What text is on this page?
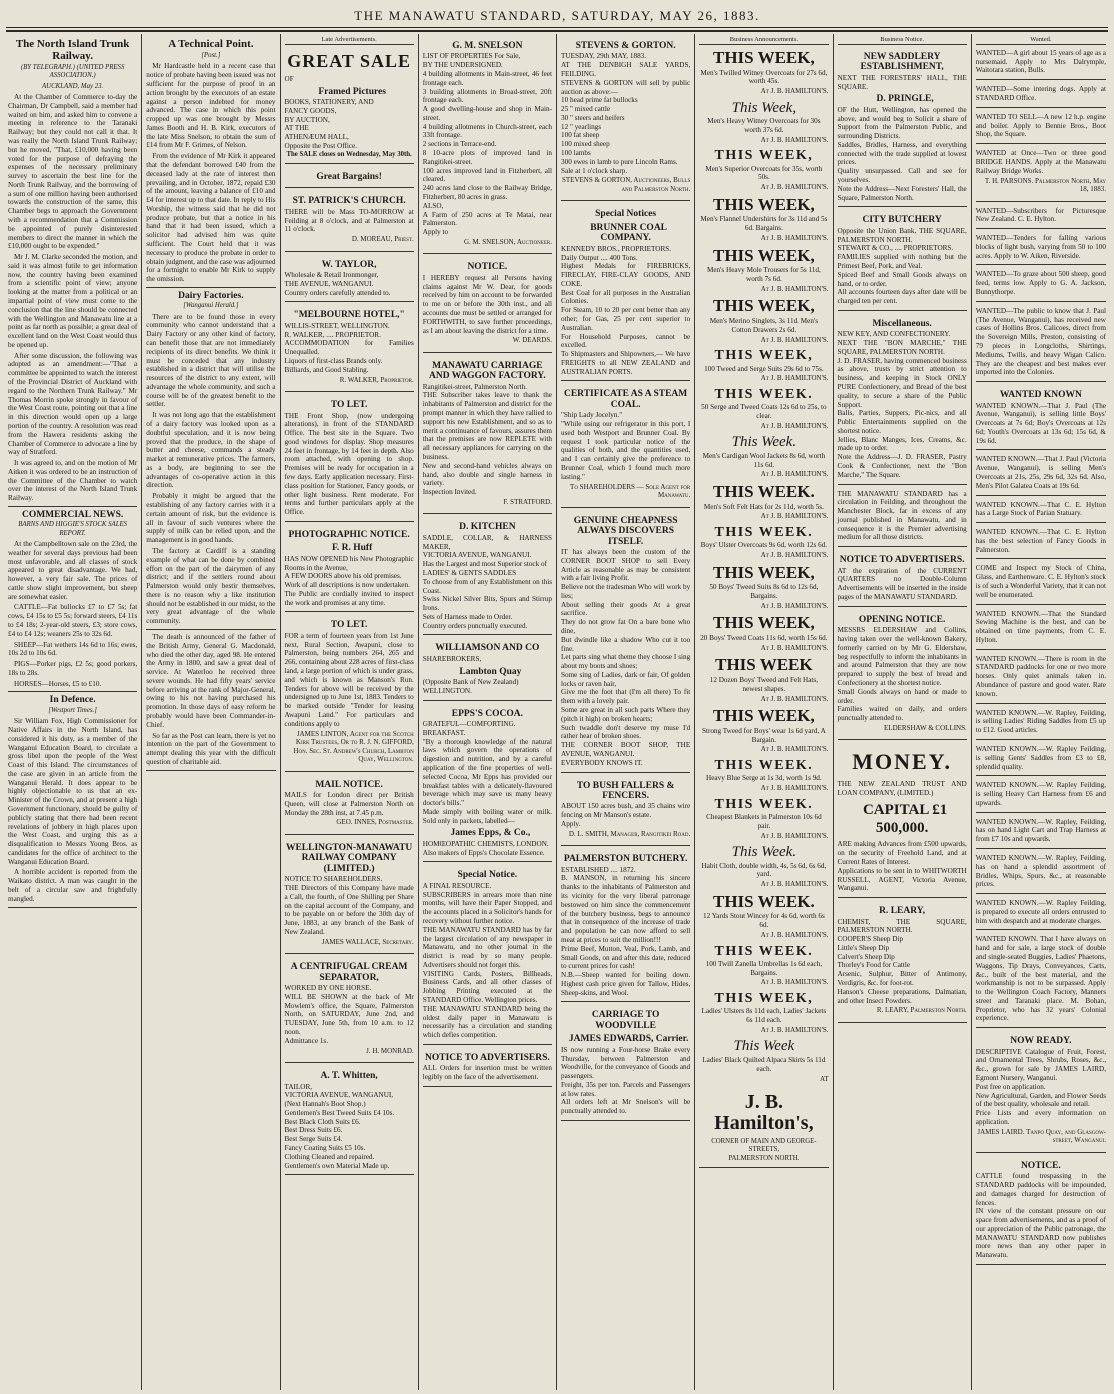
THE MANAWATU STANDARD, SATURDAY, MAY 26, 1883.
The North Island Trunk Railway.
(BY TELEGRAPH.) (UNITED PRESS ASSOCIATION.)
AUCKLAND, May 23.

At the Chamber of Commerce to-day the Chairman, Dr Campbell, said a member had waited on him, and asked him to convene a meeting in reference to the Taranaki Railway; but they could not call it that. It was really the North Island Trunk Railway; but he moved, "That, £10,000 having been voted for the purpose of defraying the expenses of the necessary preliminary survey to ascertain the best line for the North Trunk Railway, and the borrowing of a sum of one million having been authorised towards the construction of the same, this Chamber begs to approach the Government with a recommendation that a Commission be appointed of purely disinterested members to direct the manner in which the £10,000 ought to be expended."

Mr J. M. Clarke seconded the motion, and said it was almost futile to get information now, the country having been examined from a scientific point of view; anyone looking at the matter from a political or an impartial point of view must come to the conclusion that the line should be connected with the Wellington and Manawatu line at a point as far north as possible; a great deal of excellent land on the West Coast would thus be opened up.

After some discussion, the following was adopted as an amendment:—"That a committee be appointed to watch the interest of the Provincial District of Auckland with regard to the Northern Trunk Railway." Mr Thomas Morrin spoke strongly in favour of the West Coast route, pointing out that a line in this direction would open up a large portion of the country. A resolution was read from the Hawera residents asking the Chamber of Commerce to advocate a line by way of Stratford.

It was agreed to, and on the motion of Mr Aitken it was ordered to be an instruction of the Committee of the Chamber to watch over the interest of the North Island Trunk Railway.

COMMERCIAL NEWS.
BARNS AND HIGGIE'S STOCK SALES REPORT.

At the Campbelltown sale on the 23rd, the weather for several days previous had been most unfavorable, and all classes of stock appeared to great disadvantage. We had, however, a very fair sale. The prices of cattle show slight improvement, but sheep are somewhat easier.

CATTLE—Fat bullocks £7 to £7 5s; fat cows, £4 15s to £5 5s; forward steers, £4 11s to £4 18s; 2-year-old steers, £3; store cows, £4 to £4 12s; weaners 25s to 32s 6d.

SHEEP—Fat wethers 14s 6d to 16s; ewes, 10s 2d to 10s 6d.

PIGS—Porker pigs, £2 5s; good porkers, 18s to 28s.

HORSES—Horses, £5 to £10.

In Defence.
[Westport Times.]

Sir William Fox, High Commissioner for Native Affairs in the North Island, has considered it his duty, as a member of the Wanganui Education Board, to circulate a gross libel upon the people of the West Coast of this Island. The circumstances of the case are given in an article from the Wanganui Herald. It does appear to be highly objectionable to us that an ex-Minister of the Crown, and at present a high Government functionary, should be guilty of publicly stating that there had been recent revelations of jobbery in high places upon the West Coast, and urging this as a disqualification to Messrs Young Bros. as candidates for the office of architect to the Wanganui Education Board.

A horrible accident is reported from the Waikato district. A man was caught in the belt of a circular saw and frightfully mangled.

A Technical Point.
[Post.]

Mr Hardcastle held in a recent case that notice of probate having been issued was not sufficient for the purpose of proof in an action brought by the executors of an estate against a person indebted for money advanced. The case in which this point cropped up was one brought by Messrs James Booth and H. B. Kirk, executors of the late Miss Snelson, to obtain the sum of £14 from Mr F. Grimes, of Nelson.

From the evidence of Mr Kirk it appeared that the defendant borrowed £40 from the deceased lady at the rate of interest then prevailing, and in October, 1872, repaid £30 of the amount, leaving a balance of £10 and £4 for interest up to that date. In reply to His Worship, the witness said that he did not produce probate, but that a notice in his hand that it had been issued, which a solicitor had advised him was quite sufficient. The Court held that it was necessary to produce the probate in order to obtain judgment, and the case was adjourned for a fortnight to enable Mr Kirk to supply the omission.

Dairy Factories.
[Wanganui Herald.]

There are to be found those in every community who cannot understand that a Dairy Factory or any other kind of factory, can benefit those that are not immediately recipients of its direct benefits. We think it must be conceded that any industry established in a district that will utilise the resources of the district to any extent, will advantage the whole community, and such a course will be of the greatest benefit to the settler.

It was not long ago that the establishment of a dairy factory was looked upon as a doubtful speculation, and it is now being proved that the produce, in the shape of butter and cheese, commands a steady market at remunerative prices. The farmers, as a body, are beginning to see the advantages of co-operative action in this direction.

Probably it might be argued that the establishing of any factory carries with it a certain amount of risk, but the evidence is all in favour of such ventures where the supply of milk can be relied upon, and the management is in good hands.

The factory at Cardiff is a standing example of what can be done by combined effort on the part of the dairymen of any district; and if the settlers round about Palmerston would only bestir themselves, there is no reason why a like institution should not be established in our midst, to the very great advantage of the whole community.

The death is announced of the father of the British Army, General G. Macdonald, who died the other day, aged 98. He entered the Army in 1800, and saw a great deal of service. At Waterloo he received three severe wounds. He had fifty years' service before arriving at the rank of Major-General, owing to his not having purchased his promotion. In those days of easy reform he probably would have been Commander-in-Chief.

So far as the Post can learn, there is yet no intention on the part of the Government to attempt dealing this year with the difficult question of charitable aid.

Late Advertisements.
GREAT SALE

OF

Framed Pictures

BOOKS, STATIONERY, AND

FANCY GOODS,

BY AUCTION,

AT THE

ATHENÆUM HALL,

Opposite the Post Office.

The SALE closes on Wednesday, May 30th.
Great Bargains!
ST. PATRICK'S CHURCH.

THERE will be Mass TO-MORROW at Feilding at 8 o'clock, and at Palmerston at 11 o'clock.

D. MOREAU, Priest.
W. TAYLOR,

Wholesale & Retail Ironmonger,

THE AVENUE, WANGANUI.

Country orders carefully attended to.

"MELBOURNE HOTEL,"

WILLIS-STREET, WELLINGTON.

R. WALKER, .... PROPRIETOR.

ACCOMMODATION for Families Unequalled.

Liquors of first-class Brands only.

Billiards, and Good Stabling.

R. WALKER, Proprietor.
TO LET.

THE Front Shop, (now undergoing alterations), in front of the STANDARD Office. The best site in the Square. Two good windows for display. Shop measures 24 feet in frontage, by 14 feet in depth. Also room attached, with opening to shop. Premises will be ready for occupation in a few days. Early application necessary. First-class position for Stationer, Fancy goods, or other light business. Rent moderate. For terms and further particulars apply at the Office.

PHOTOGRAPHIC NOTICE.

F. R. Huff

HAS NOW OPENED his New Photographic Rooms in the Avenue,

A FEW DOORS above his old premises.

Work of all descriptions is now undertaken.

The Public are cordially invited to inspect the work and promises at any time.

TO LET.

FOR a term of fourteen years from 1st June next, Rural Section, Awapuni, close to Palmerston, being numbers 264, 265 and 266, containing about 228 acres of first-class land, a large portion of which is under grass, and which is known as Manson's Run. Tenders for above will be received by the undersigned up to June 1st, 1883. Tenders to be marked outside "Tender for leasing Awapuni Land." For particulars and conditions apply to

JAMES LINTON, Agent for the Scotch Kirk Trustees, Or to R. J. N. GIFFORD, Hon. Sec. St. Andrew's Church, Lambton Quay, Wellington.
MAIL NOTICE.

MAILS for London direct per British Queen, will close at Palmerston North on Monday the 28th inst, at 7.45 p.m.

GEO. INNES, Postmaster.
WELLINGTON-MANAWATU RAILWAY COMPANY (LIMITED.)

NOTICE TO SHAREHOLDERS.

THE Directors of this Company have made a Call, the fourth, of One Shilling per Share on the capital account of the Company, and to be payable on or before the 30th day of June, 1883, at any branch of the Bank of New Zealand.

JAMES WALLACE, Secretary.
A CENTRIFUGAL CREAM SEPARATOR,

WORKED BY ONE HORSE.

WILL BE SHOWN at the back of Mr Mowlem's office, the Square, Palmerston North, on SATURDAY, June 2nd, and TUESDAY, June 5th, from 10 a.m. to 12 noon.

Admittance 1s.

J. H. MONRAD.
A. T. Whitten,

TAILOR,

VICTORIA AVENUE, WANGANUI,

(Next Hannah's Boot Shop.)

Gentlemen's Best Tweed Suits £4 10s.

Best Black Cloth Suits £6.

Best Dress Suits £6.

Best Serge Suits £4.

Fancy Coating Suits £5 10s.

Clothing Cleaned and repaired.

Gentlemen's own Material Made up.

G. M. SNELSON

LIST OF PROPERTIES For Sale,

BY THE UNDERSIGNED.

4 building allotments in Main-street, 46 feet frontage each.

3 building allotments in Broad-street, 20ft frontage each.

A good dwelling-house and shop in Main-street.

4 building allotments in Church-street, each 33ft frontage.

2 sections in Terrace-end.

8 10-acre plots of improved land in Rangitikei-street.

100 acres improved land in Fitzherbert, all cleared.

240 acres land close to the Railway Bridge, Fitzherbert, 80 acres in grass.

ALSO,

A Farm of 250 acres at Te Matai, near Palmerston.

Apply to

G. M. SNELSON, Auctioneer.
NOTICE.

I HEREBY request all Persons having claims against Mr W. Dear, for goods received by him on account to be forwarded to me on or before the 30th inst., and all accounts due must be settled or arranged for FORTHWITH, to save further proceedings, as I am about leaving the district for a time.

W. DEARDS.
MANAWATU CARRIAGE AND WAGGON FACTORY.

Rangitikei-street, Palmerston North.

THE Subscriber takes leave to thank the inhabitants of Palmerston and district for the prompt manner in which they have rallied to support his new Establishment, and so as to merit a continuance of favours, assures them that the premises are now REPLETE with all necessary appliances for carrying on the business.

New and second-hand vehicles always on hand, also double and single harness in variety.

Inspection Invited.

F. STRATFORD.
D. KITCHEN

SADDLE, COLLAR, & HARNESS MAKER,

VICTORIA AVENUE, WANGANUI.

Has the Largest and most Superior stock of

LADIES' & GENTS SADDLES

To choose from of any Establishment on this Coast.

Swiss Nickel Silver Bits, Spurs and Stirrup Irons.

Sets of Harness made to Order.

Country orders punctually executed.

WILLIAMSON AND CO

SHAREBROKERS,

Lambton Quay

(Opposite Bank of New Zealand)

WELLINGTON.

EPPS'S COCOA.

GRATEFUL—COMFORTING.

BREAKFAST.

"By a thorough knowledge of the natural laws which govern the operations of digestion and nutrition, and by a careful application of the fine properties of well-selected Cocoa, Mr Epps has provided our breakfast tables with a delicately-flavoured beverage which may save us many heavy doctor's bills."

Made simply with boiling water or milk. Sold only in packets, labelled—

James Epps, & Co.,

HOMŒOPATHIC CHEMISTS, LONDON.

Also makers of Epps's Chocolate Essence.

Special Notice.

A FINAL RESOURCE.

SUBSCRIBERS in arrears more than nine months, will have their Paper Stopped, and the accounts placed in a Solicitor's hands for recovery without further notice.

THE MANAWATU STANDARD has by far the largest circulation of any newspaper in Manawatu, and no other journal in the district is read by so many people. Advertisers should not forget this.

VISITING Cards, Posters, Billheads, Business Cards, and all other classes of Jobbing Printing executed at the STANDARD Office. Wellington prices.

THE MANAWATU STANDARD being the oldest daily paper in Manawatu is necessarily has a circulation and standing which defies competition.

NOTICE TO ADVERTISERS.

ALL Orders for insertion must be written legibly on the face of the advertisement.

STEVENS & GORTON.

TUESDAY, 29th MAY, 1883.

AT THE DENBIGH SALE YARDS, FEILDING.

STEVENS & GORTON will sell by public auction as above:—

10 head prime fat bullocks

25 " mixed cattle

30 " steers and heifers

12 " yearlings

100 fat sheep

100 mixed sheep

100 lambs

300 ewes in lamb to pure Lincoln Rams.

Sale at 1 o'clock sharp.

STEVENS & GORTON, Auctioneers, Bulls and Palmerston North.
Special Notices

BRUNNER COAL COMPANY.

KENNEDY BROS., PROPRIETORS.

Daily Output .... 400 Tons.

Highest Medals for FIREBRICKS, FIRECLAY, FIRE-CLAY GOODS, AND COKE.

Best Coal for all purposes in the Australian Colonies.

For Steam, 10 to 20 per cent better than any other; for Gas, 25 per cent superior to Australian.

For Household Purposes, cannot be excelled.

To Shipmasters and Shipowners,— We have FREIGHTS to all NEW ZEALAND and AUSTRALIAN PORTS.

CERTIFICATE AS A STEAM COAL.

"Ship Lady Jocelyn."

"While using our refrigerator in this port, I used both Westport and Brunner Coal. By request I took particular notice of the qualities of both, and the quantities used, and I can certainly give the preference to Brunner Coal, which I found much more lasting."

To SHAREHOLDERS — Sole Agent for Manawatu.
GENUINE CHEAPNESS ALWAYS DISCOVERS ITSELF.

IT has always been the custom of the CORNER BOOT SHOP to sell Every Article as reasonable as may be consistent with a fair living Profit.

Believe not the tradesman Who will work by lies;

About selling their goods At a great sacrifice.

They do not grow fat On a bare bone who dine,

But dwindle like a shadow Who cut it too fine.

Let parts sing what theme they choose I sing about my boots and shoes;

Some sing of Ladies, dark or fair, Of golden locks or raven hair,

Give me the foot that (I'm all there) To fit them with a lovely pair.

Some are great in all such parts Where they (pitch it high) on broken hearts;

Such twaddle don't deserve my muse I'd rather hear of broken shoes.

THE CORNER BOOT SHOP, THE AVENUE, WANGANUI.

EVERYBODY KNOWS IT.

TO BUSH FALLERS & FENCERS.

ABOUT 150 acres bush, and 35 chains wire fencing on Mr Manson's estate.

Apply.

D. L. SMITH, Manager, Rangitikei Road.
PALMERSTON BUTCHERY.

ESTABLISHED .... 1872.

B. MANSON, in returning his sincere thanks to the inhabitants of Palmerston and its vicinity for the very liberal patronage bestowed on him since the commencement of the butchery business, begs to announce that in consequence of the increase of trade and population he can now afford to sell meat at prices to suit the million!!!

Prime Beef, Mutton, Veal, Pork, Lamb, and Small Goods, on and after this date, reduced to current prices for cash!

N.B.—Sheep wanted for boiling down. Highest cash price given for Tallow, Hides, Sheep-skins, and Wool.

CARRIAGE TO WOODVILLE

JAMES EDWARDS, Carrier.

IS now running a Four-horse Brake every Thursday, between Palmerston and Woodville, for the conveyance of Goods and passengers.

Freight, 35s per ton. Parcels and Passengers at low rates.

All orders left at Mr Snelson's will be punctually attended to.

Business Announcements.
THIS WEEK,

Men's Twilled Witney Overcoats for 27s 6d, worth 45s.

At J. B. HAMILTON'S.
This Week,

Men's Heavy Witney Overcoats for 30s worth 37s 6d.

At J. B. HAMILTON'S.
THIS WEEK,

Men's Superior Overcoats for 35s, worth 50s.

At J. B. HAMILTON'S.
THIS WEEK,

Men's Flannel Undershirts for 3s 11d and 5s 6d. Bargains.

At J. B. HAMILTON'S.
THIS WEEK,

Men's Heavy Mole Trousers for 5s 11d, worth 7s 6d.

At J. B. HAMILTON'S.
THIS WEEK,

Men's Merino Singlets, 3s 11d. Men's Cotton Drawers 2s 6d.

At J. B. HAMILTON'S.
THIS WEEK,

100 Tweed and Serge Suits 29s 6d to 75s.

At J. B. HAMILTON'S.
THIS WEEK.

50 Serge and Tweed Coats 12s 6d to 25s, to clear.

At J. B. HAMILTON'S.
This Week.

Men's Cardigan Wool Jackets 8s 6d, worth 11s 6d.

At J. B. HAMILTON'S.
THIS WEEK.

Men's Soft Felt Hats for 2s 11d, worth 5s.

At J. B. HAMILTON'S.
THIS WEEK.

Boys' Ulster Overcoats 9s 6d, worth 12s 6d.

At J. B. HAMILTON'S.
THIS WEEK,

50 Boys' Tweed Suits 8s 6d to 12s 6d, Bargains.

At J. B. HAMILTON'S.
THIS WEEK,

20 Boys' Tweed Coats 11s 6d, worth 15s 6d.

At J. B. HAMILTON'S.
THIS WEEK

12 Dozen Boys' Tweed and Felt Hats, newest shapes.

At J. B. HAMILTON'S.
THIS WEEK,

Strong Tweed for Boys' wear 1s 6d yard, A Bargain.

At J. B. HAMILTON'S.
THIS WEEK.

Heavy Blue Serge at 1s 3d, worth 1s 9d.

At J. B. HAMILTON'S.
THIS WEEK.

Cheapest Blankets in Palmerston 10s 6d pair.

At J. B. HAMILTON'S.
This Week.

Habit Cloth, double width, 4s, 5s 6d, 6s 6d, yard.

At J. B. HAMILTON'S.
THIS WEEK.

12 Yards Stout Wincey for 4s 6d, worth 6s 6d.

At J. B. HAMILTON'S.
THIS WEEK.

100 Twill Zanella Umbrellas 1s 6d each, Bargains.

At J. B. HAMILTON'S.
THIS WEEK,

Ladies' Ulsters 8s 11d each, Ladies' Jackets 6s 11d each.

At J. B. HAMILTON'S.
This Week

Ladies' Black Quilted Alpaca Skirts 5s 11d each.

AT
J. B. Hamilton's,
CORNER OF MAIN AND GEORGE-STREETS,
PALMERSTON NORTH.
Business Notice.
NEW SADDLERY ESTABLISHMENT,

NEXT THE FORESTERS' HALL, THE SQUARE.

D. PRINGLE,

OF the Hutt, Wellington, has opened the above, and would beg to Solicit a share of Support from the Palmerston Public, and surrounding Districts.

Saddles, Bridles, Harness, and everything connected with the trade supplied at lowest prices.

Quality unsurpassed. Call and see for yourselves.

Note the Address—Next Foresters' Hall, the Square, Palmerston North.

CITY BUTCHERY

Opposite the Union Bank, THE SQUARE, PALMERSTON NORTH.

STEWART & CO., .... PROPRIETORS.

FAMILIES supplied with nothing but the Primest Beef, Pork, and Veal.

Spiced Beef and Small Goods always on hand, or to order.

All accounts fourteen days after date will be charged ten per cent.

Miscellaneous.

NEW KEY, AND CONFECTIONERY.

NEXT THE "BON MARCHE," THE SQUARE, PALMERSTON NORTH.

J. D. FRASER, having commenced business as above, trusts by strict attention to business, and keeping in Stock ONLY PURE Confectionery, and Bread of the best quality, to secure a share of the Public Support.

Balls, Parties, Suppers, Pic-nics, and all Public Entertainments supplied on the shortest notice.

Jellies, Blanc Manges, Ices, Creams, &c. made up to order.

Note the Address—J. D. FRASER, Pastry Cook & Confectioner, next the "Bon Marche," The Square.

THE MANAWATU STANDARD has a circulation in Feilding, and throughout the Manchester Block, far in excess of any journal published in Manawatu, and in consequence it is the Premier advertising medium for all those districts.

NOTICE TO ADVERTISERS.

AT the expiration of the CURRENT QUARTERS no Double-Column Advertisements will be inserted in the inside pages of the MANAWATU STANDARD.

OPENING NOTICE.

MESSRS ELDERSHAW and Collins, having taken over the well-known Bakery, formerly carried on by Mr G. Eldershaw, beg respectfully to inform the inhabitants in and around Palmerston that they are now prepared to supply the best of bread and Confectionery at the shortest notice.

Small Goods always on hand or made to order.

Families waited on daily, and orders punctually attended to.

ELDERSHAW & COLLINS.
MONEY.

THE NEW ZEALAND TRUST AND LOAN COMPANY, (LIMITED.)

CAPITAL £1 500,000.

ARE making Advances from £500 upwards, on the security of Freehold Land, and at Current Rates of Interest.

Applications to be sent in to WHITWORTH RUSSELL, AGENT, Victoria Avenue, Wanganui.

R. LEARY,

CHEMIST, THE SQUARE, PALMERSTON NORTH.

COOPER'S Sheep Dip

Little's Sheep Dip

Calvert's Sheep Dip

Thorley's Food for Cattle

Arsenic, Sulphur, Bitter of Antimony, Verdigris, &c. for foot-rot.

Hanson's Cheese preparations, Dalmatian, and other Insect Powders.

R. LEARY, Palmerston North.
Wanted.

WANTED—A girl about 15 years of age as a nursemaid. Apply to Mrs Dalrymple, Waitotara station, Bulls.

WANTED—Some intering dogs. Apply at STANDARD Office.

WANTED TO SELL—A new 12 h.p. engine and boiler. Apply to Bennie Bros., Boot Shop, the Square.

WANTED at Once—Two or three good BRIDGE HANDS. Apply at the Manawatu Railway Bridge Works.

T. H. PARSONS. Palmerston North, May 18, 1883.

WANTED—Subscribers for Picturesque New Zealand. C. E. Hylton.

WANTED—Tenders for falling various blocks of light bush, varying from 50 to 100 acres. Apply to W. Aiken, Riverside.

WANTED—To graze about 500 sheep, good feed, terms low. Apply to G. A. Jackson, Bunnythorpe.

WANTED—The public to know that J. Paul (The Avenue, Wanganui), has received new cases of Hollins Bros. Calicoes, direct from the Sovereign Mills, Preston, consisting of 79 pieces in Longcloths, Shirtings, Mediums, Twills, and heavy Wigan Calico. They are the cheapest and best makes ever imported into the Colonies.

WANTED KNOWN

WANTED KNOWN.—That J. Paul (The Avenue, Wanganui), is selling little Boys' Overcoats at 7s 6d; Boy's Overcoats at 12s 6d; Youth's Overcoats at 13s 6d; 15s 6d, & 19s 6d.

WANTED KNOWN.—That J. Paul (Victoria Avenue, Wanganui), is selling Men's Overcoats at 21s, 25s, 29s 6d, 32s 6d. Also, Men's Pilot Galatea Coats at 19s 6d.

WANTED KNOWN.—That C. E. Hylton has a Large Stock of Parian Statuary.

WANTED KNOWN.—That C. E. Hylton has the best selection of Fancy Goods in Palmerston.

COME and Inspect my Stock of China, Glass, and Earthenware. C. E. Hylton's stock is of such a Wonderful Variety, that it can not well be enumerated.

WANTED KNOWN.—That the Standard Sewing Machine is the best, and can be obtained on time payments, from C. E. Hylton.

WANTED KNOWN.—There is room in the STANDARD paddocks for one or two more horses. Only quiet animals taken in. Abundance of pasture and good water. Rate known.

WANTED KNOWN.—W. Rapley, Feilding, is selling Ladies' Riding Saddles from £5 up to £12. Good articles.

WANTED KNOWN.—W. Rapley Feilding, is selling Gents' Saddles from £3 to £8, splendid quality.

WANTED KNOWN.—W. Rapley Feilding, is selling Heavy Cart Harness from £6 and upwards.

WANTED KNOWN.—W. Rapley, Feilding, has on hand Light Cart and Trap Harness at from £7 10s and upwards.

WANTED KNOWN.—W. Rapley, Feilding, has on hand a splendid assortment of Bridles, Whips, Spurs, &c., at reasonable prices.

WANTED KNOWN.—W. Rapley Feilding, is prepared to execute all orders entrusted to him with despatch and at moderate charges.

WANTED KNOWN. That I have always on hand and for sale, a large stock of double and single-seated Buggies, Ladies' Phaetons, Waggons, Tip Drays, Conveyances, Carts, &c., built of the best material, and the workmanship is not to be surpassed. Apply to the Wellington Coach Factory, Manners street and Taranaki place. M. Bohan, Proprietor, who has 32 years' Colonial experience.

NOW READY.

DESCRIPTIVE Catalogue of Fruit, Forest, and Ornamental Trees, Shrubs, Roses, &c., &c., grown for sale by JAMES LAIRD, Egmont Nursery, Wanganui.

Post free on application.

New Agricultural, Garden, and Flower Seeds of the best quality, wholesale and retail.

Price Lists and every information on application.

JAMES LAIRD. Tanpo Quay, and Glasgow-street, Wanganui.
NOTICE.

CATTLE found trespassing in the STANDARD paddocks will be impounded, and damages charged for destruction of fences.

IN view of the constant pressure on our space from advertisements, and as a proof of our appreciation of the Public patronage, the MANAWATU STANDARD now publishes more news than any other paper in Manawatu.
